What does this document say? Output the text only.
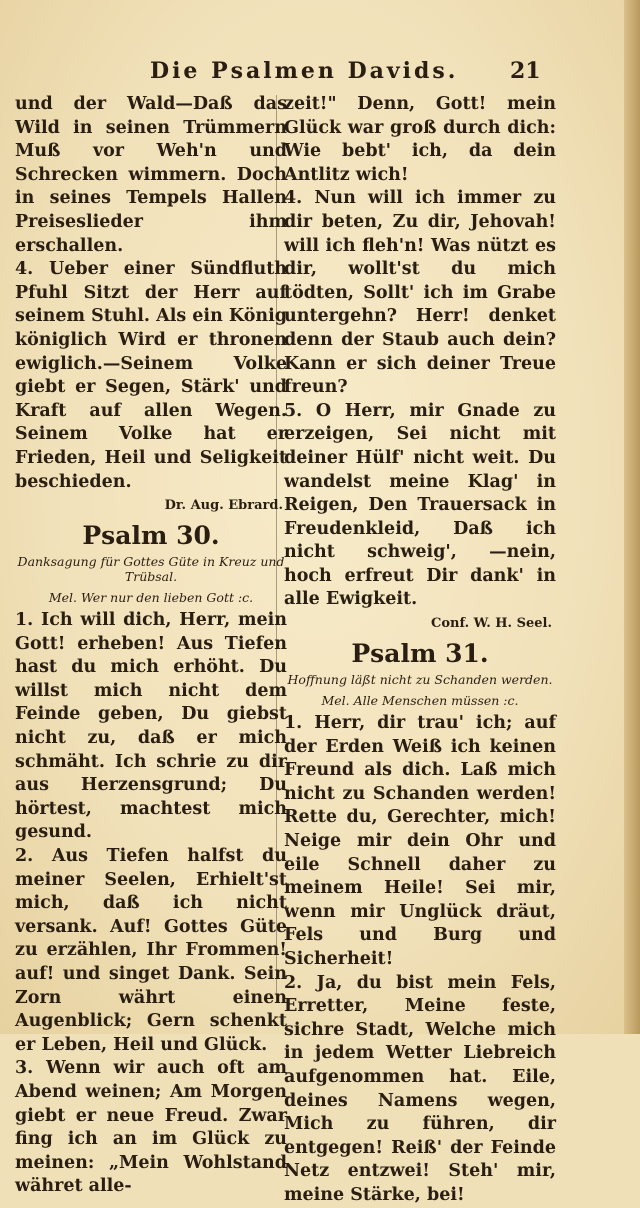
Die Psalmen Davids. 21

und der Wald—Daß das Wild in seinen Trümmern Muß vor Weh'n und Schrecken wimmern. Doch in seines Tempels Hallen Preiseslieder ihm erschallen.

4. Ueber einer Sündfluth Pfuhl Sitzt der Herr auf seinem Stuhl. Als ein König königlich Wird er thronen ewiglich.—Seinem Volke giebt er Segen, Stärk' und Kraft auf allen Wegen. Seinem Volke hat er Frieden, Heil und Seligkeit beschieden.

Dr. Aug. Ebrard.
Psalm 30.
Danksagung für Gottes Güte in Kreuz und Trübsal.
Mel. Wer nur den lieben Gott :c.

1. Ich will dich, Herr, mein Gott! erheben! Aus Tiefen hast du mich erhöht. Du willst mich nicht dem Feinde geben, Du giebst nicht zu, daß er mich schmäht. Ich schrie zu dir aus Herzensgrund; Du hörtest, machtest mich gesund.

2. Aus Tiefen halfst du meiner Seelen, Erhielt'st mich, daß ich nicht versank. Auf! Gottes Güte zu erzählen, Ihr Frommen! auf! und singet Dank. Sein Zorn währt einen Augenblick; Gern schenkt er Leben, Heil und Glück.

3. Wenn wir auch oft am Abend weinen; Am Morgen giebt er neue Freud. Zwar fing ich an im Glück zu meinen: „Mein Wohlstand währet alle-

zeit!" Denn, Gott! mein Glück war groß durch dich: Wie bebt' ich, da dein Antlitz wich!

4. Nun will ich immer zu dir beten, Zu dir, Jehovah! will ich fleh'n! Was nützt es dir, wollt'st du mich tödten, Sollt' ich im Grabe untergehn? Herr! denket denn der Staub auch dein? Kann er sich deiner Treue freun?

5. O Herr, mir Gnade zu erzeigen, Sei nicht mit deiner Hülf' nicht weit. Du wandelst meine Klag' in Reigen, Den Trauersack in Freudenkleid, Daß ich nicht schweig', —nein, hoch erfreut Dir dank' in alle Ewigkeit.

Conf. W. H. Seel.
Psalm 31.
Hoffnung läßt nicht zu Schanden werden.
Mel. Alle Menschen müssen :c.

1. Herr, dir trau' ich; auf der Erden Weiß ich keinen Freund als dich. Laß mich nicht zu Schanden werden! Rette du, Gerechter, mich! Neige mir dein Ohr und eile Schnell daher zu meinem Heile! Sei mir, wenn mir Unglück dräut, Fels und Burg und Sicherheit!

2. Ja, du bist mein Fels, Erretter, Meine feste, sichre Stadt, Welche mich in jedem Wetter Liebreich aufgenommen hat. Eile, deines Namens wegen, Mich zu führen, dir entgegen! Reiß' der Feinde Netz entzwei! Steh' mir, meine Stärke, bei!
